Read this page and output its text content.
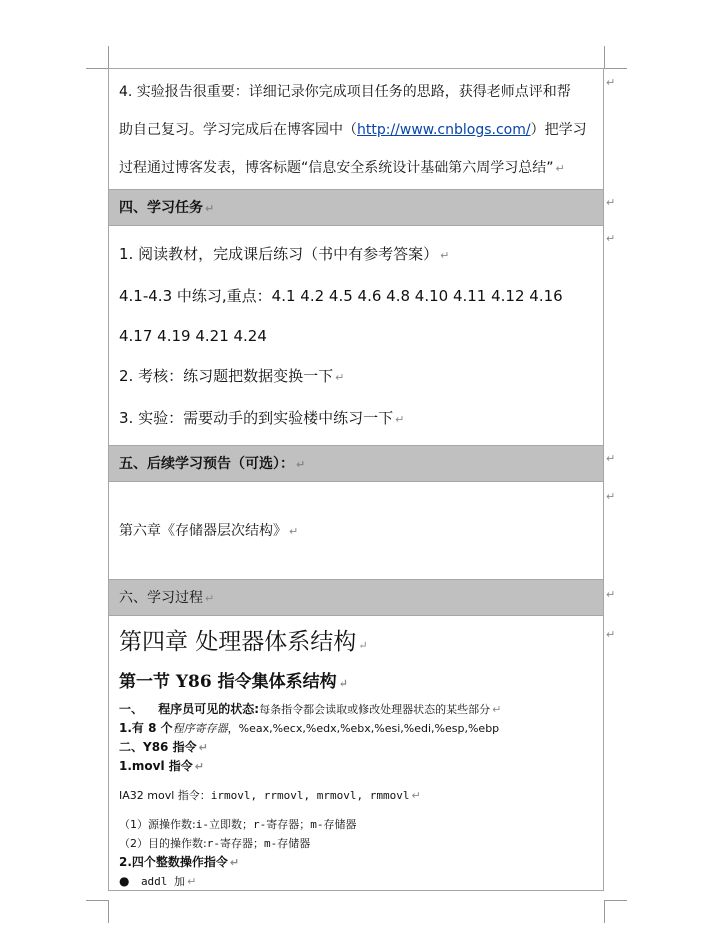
↵
↵
↵
↵
↵
↵
↵

4. 实验报告很重要：详细记录你完成项目任务的思路，获得老师点评和帮

助自己复习。学习完成后在博客园中（http://www.cnblogs.com/）把学习

过程通过博客发表，博客标题“信息安全系统设计基础第六周学习总结” ↵

四、学习任务 ↵

1. 阅读教材，完成课后练习（书中有参考答案） ↵

4.1-4.3 中练习,重点：4.1 4.2 4.5 4.6 4.8 4.10 4.11 4.12 4.16

4.17 4.19 4.21 4.24

2. 考核：练习题把数据变换一下 ↵

3. 实验：需要动手的到实验楼中练习一下 ↵

五、后续学习预告（可选）： ↵
第六章《存储器层次结构》 ↵
六、学习过程 ↵

第四章 处理器体系结构 ↵

第一节 Y86 指令集体系结构 ↵

一、 程序员可见的状态:每条指令都会读取或修改处理器状态的某些部分 ↵

1.有 8 个程序寄存器，%eax,%ecx,%edx,%ebx,%esi,%edi,%esp,%ebp

二、Y86 指令 ↵

1.movl 指令 ↵

IA32 movl 指令：irmovl, rrmovl, mrmovl, rmmovl ↵

（1）源操作数:i-立即数；r-寄存器；m-存储器

（2）目的操作数:r-寄存器；m-存储器

2.四个整数操作指令 ↵

● addl 加 ↵
